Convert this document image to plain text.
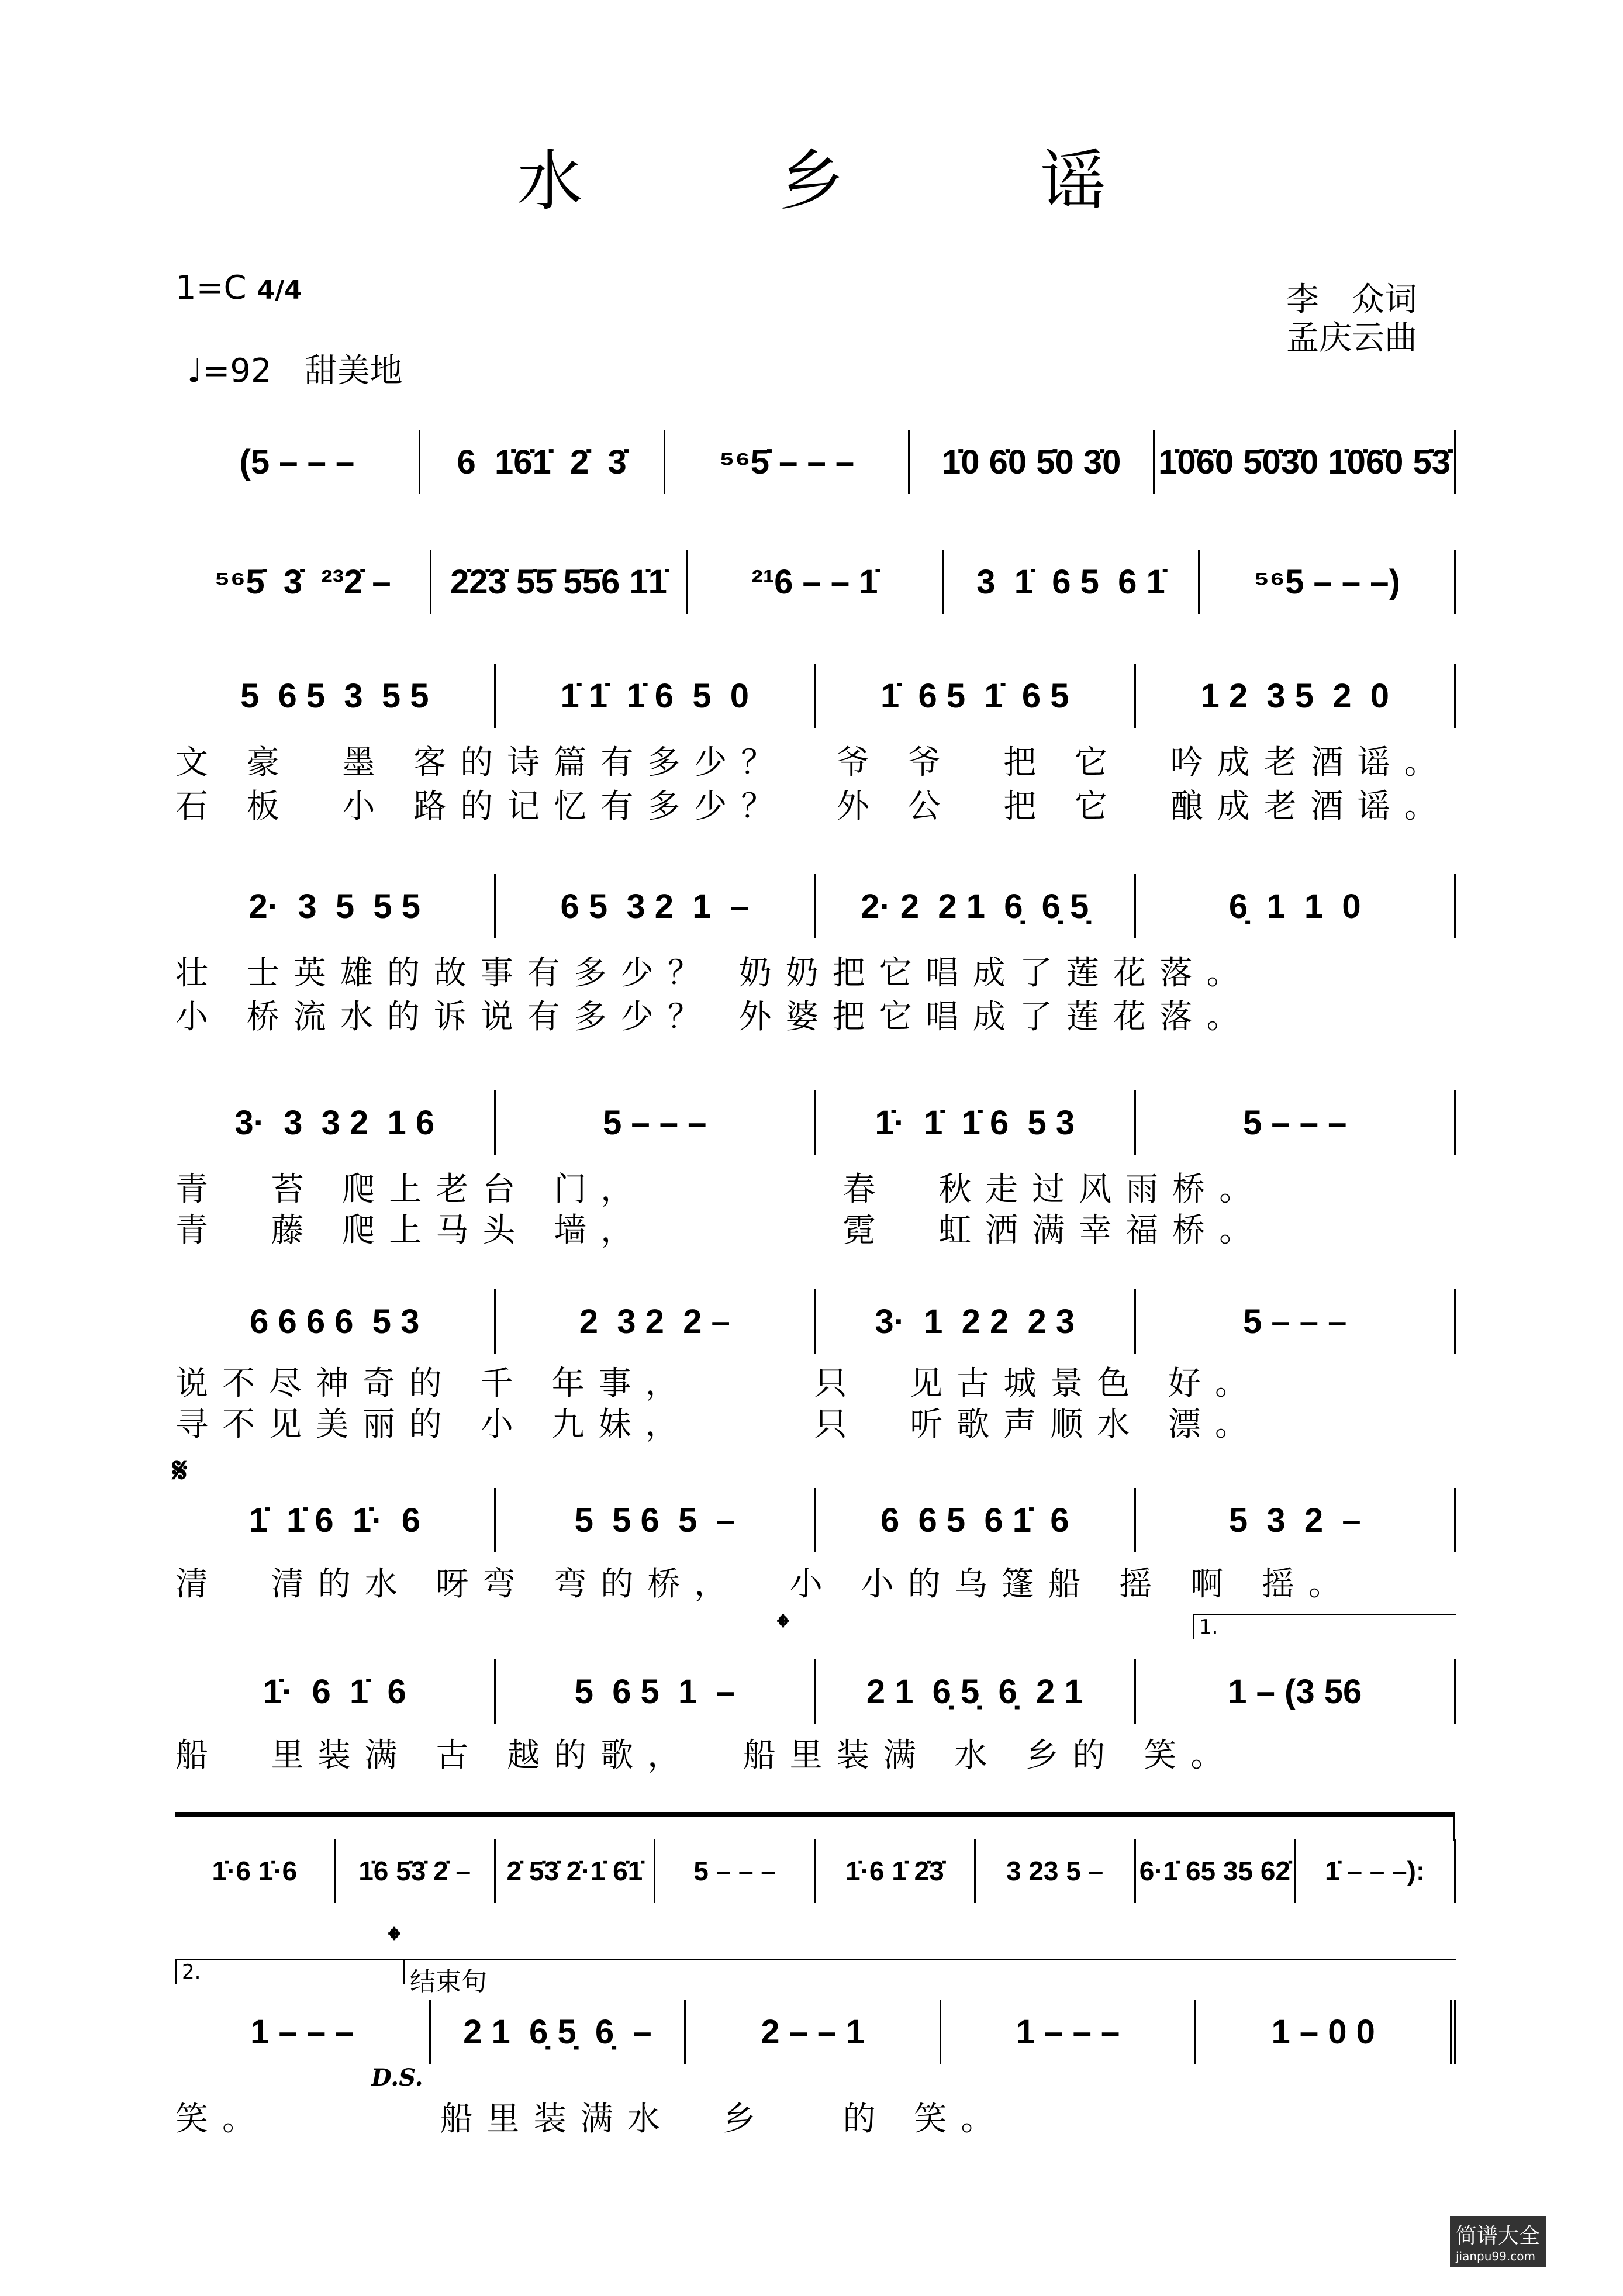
水 乡 谣
1=C 4/4
♩=92　 甜美地
李　众词
孟庆云曲
(5 – – –	6  1̇6̇1̇  2̇  3̇	⁵⁶5̇ – – –	1̇0 6̇0 5̇0 3̇0	1̇0̇6̇0 5̇0̇3̇0 1̇0̇6̇0 5̇3̇
⁵⁶5̇  3̇  ²³2̇ –	2̇2̇3̇ 5̇5̇ 5̇5̇6 1̇1̇	²¹6 – – 1̇	3  1̇  6 5  6 1̇	⁵⁶5 – – –)
5  6 5  3  5 5	1̇ 1̇  1̇ 6  5  0	1̇  6 5  1̇  6 5	1 2  3 5  2  0
文 豪  墨 客的诗篇有多少？  爷 爷  把 它  吟成老酒谣。
石 板  小 路的记忆有多少？  外 公  把 它  酿成老酒谣。
2·  3  5  5 5	6 5  3 2  1  –	2· 2  2 1  6̣  6̣ 5̣	6̣  1  1  0
壮 士英雄的故事有多少？ 奶奶把它唱成了莲花落。
小 桥流水的诉说有多少？ 外婆把它唱成了莲花落。
3·  3  3 2  1 6	5 – – –	1̇·  1̇  1̇ 6  5 3	5 – – –
青  苔 爬上老台 门，        春  秋走过风雨桥。
青  藤 爬上马头 墙，        霓  虹洒满幸福桥。
6 6 6 6  5 3	2  3 2  2 –	3·  1  2 2  2 3	5 – – –
说不尽神奇的 千 年事，     只  见古城景色 好。
寻不见美丽的 小 九妹，     只  听歌声顺水 漂。
1̇  1̇ 6  1̇·  6	5  5 6  5  –	6  6 5  6 1̇  6	5  3  2  –
清  清的水 呀弯 弯的桥，  小 小的乌篷船 摇 啊 摇。
1̇·  6  1̇  6	5  6 5  1  –	2 1  6̣ 5̣  6̣  2 1	1 – (3 56
船  里装满 古 越的歌，  船里装满 水 乡的 笑。
1̇·6 1̇·6	1̇6 5̇3̇ 2̇ –	2̇ 5̇3̇ 2̇·1̇ 6̇1̇	5 – – –	1̇·6 1̇ 2̇3̇	3 23 5 –	6·1̇ 65 35 62̇	1̇ – – –):
1 – – –	2 1  6̣ 5̣  6̣  –	2 – – 1	1 – – –	1 – 0 0
笑。       船里装满水  乡   的 笑。
𝄋
𝄌	1.
2.
𝄌
结束句
D.S.
简谱大全
jianpu99.com
